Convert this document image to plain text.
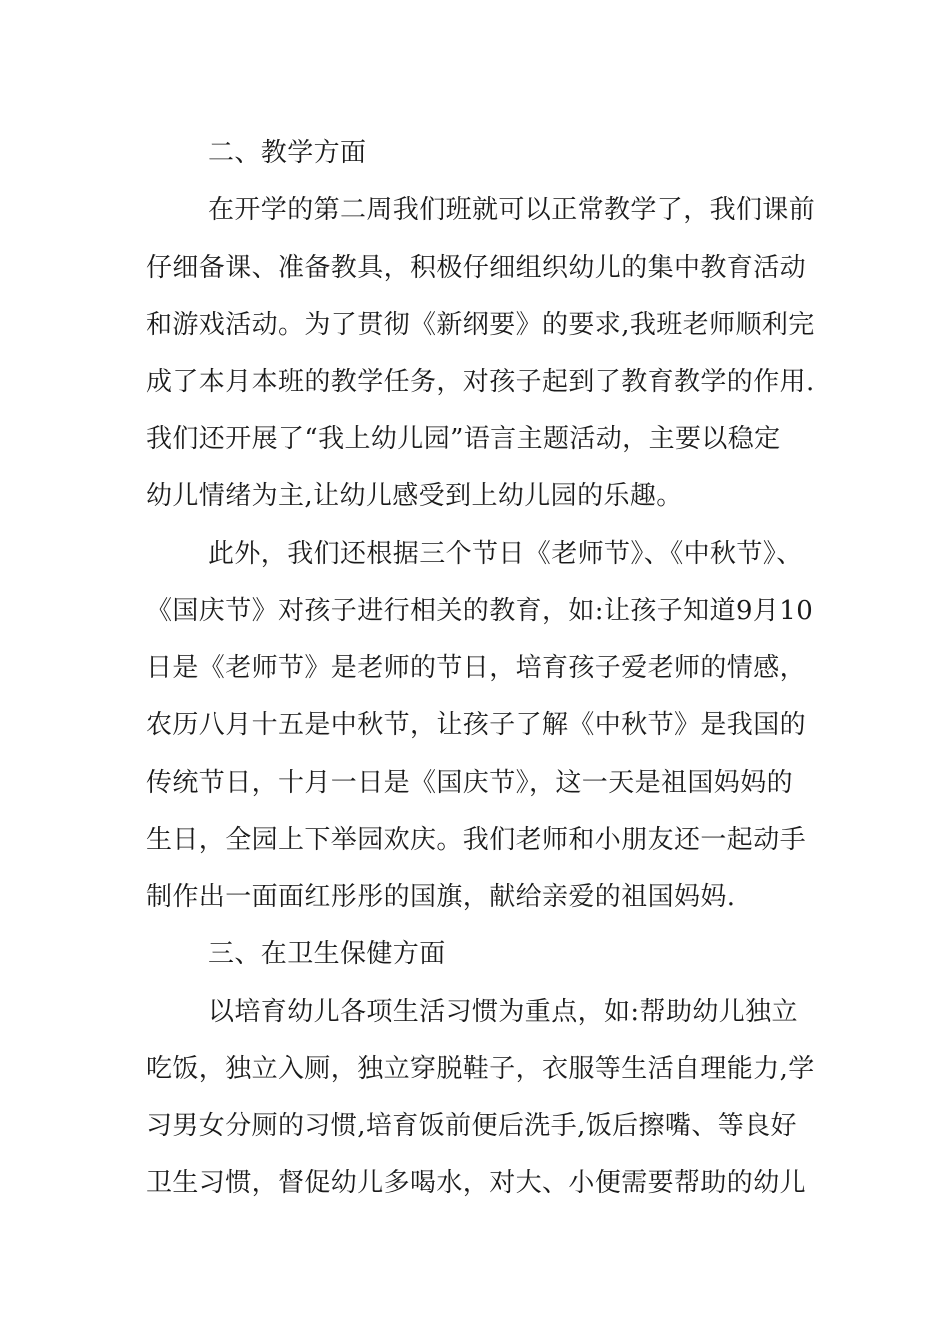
二、教学方面
在开学的第二周我们班就可以正常教学了，我们课前
仔细备课、准备教具，积极仔细组织幼儿的集中教育活动
和游戏活动。为了贯彻《新纲要》的要求,我班老师顺利完
成了本月本班的教学任务，对孩子起到了教育教学的作用.
我们还开展了“我上幼儿园”语言主题活动，主要以稳定
幼儿情绪为主,让幼儿感受到上幼儿园的乐趣。
此外，我们还根据三个节日《老师节》、《中秋节》、
《国庆节》对孩子进行相关的教育，如:让孩子知道9月10
日是《老师节》是老师的节日，培育孩子爱老师的情感，
农历八月十五是中秋节，让孩子了解《中秋节》是我国的
传统节日，十月一日是《国庆节》，这一天是祖国妈妈的
生日，全园上下举园欢庆。我们老师和小朋友还一起动手
制作出一面面红彤彤的国旗，献给亲爱的祖国妈妈.
三、在卫生保健方面
以培育幼儿各项生活习惯为重点，如:帮助幼儿独立
吃饭，独立入厕，独立穿脱鞋子，衣服等生活自理能力,学
习男女分厕的习惯,培育饭前便后洗手,饭后擦嘴、等良好
卫生习惯，督促幼儿多喝水，对大、小便需要帮助的幼儿
